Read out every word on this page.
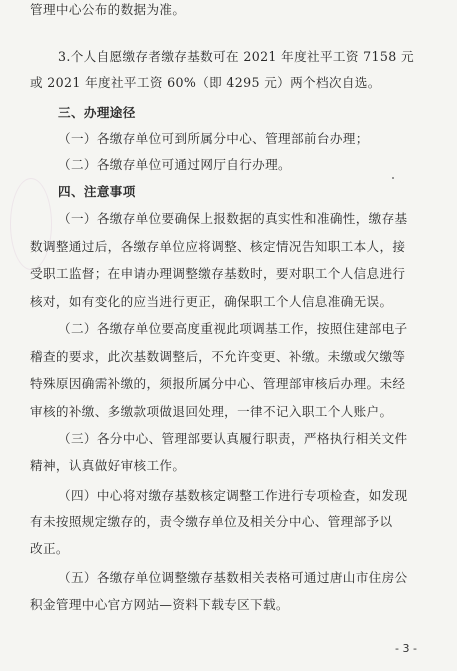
管理中心公布的数据为准。
3.个人自愿缴存者缴存基数可在 2021 年度社平工资 7158 元
或 2021 年度社平工资 60%（即 4295 元）两个档次自选。
三、办理途径
（一）各缴存单位可到所属分中心、管理部前台办理；
（二）各缴存单位可通过网厅自行办理。
四、注意事项
（一）各缴存单位要确保上报数据的真实性和准确性，缴存基
数调整通过后，各缴存单位应将调整、核定情况告知职工本人，接
受职工监督；在申请办理调整缴存基数时，要对职工个人信息进行
核对，如有变化的应当进行更正，确保职工个人信息准确无误。
（二）各缴存单位要高度重视此项调基工作，按照住建部电子
稽查的要求，此次基数调整后，不允许变更、补缴。未缴或欠缴等
特殊原因确需补缴的，须报所属分中心、管理部审核后办理。未经
审核的补缴、多缴款项做退回处理，一律不记入职工个人账户。
（三）各分中心、管理部要认真履行职责，严格执行相关文件
精神，认真做好审核工作。
（四）中心将对缴存基数核定调整工作进行专项检查，如发现
有未按照规定缴存的，责令缴存单位及相关分中心、管理部予以
改正。
（五）各缴存单位调整缴存基数相关表格可通过唐山市住房公
积金管理中心官方网站—资料下载专区下载。
- 3 -
